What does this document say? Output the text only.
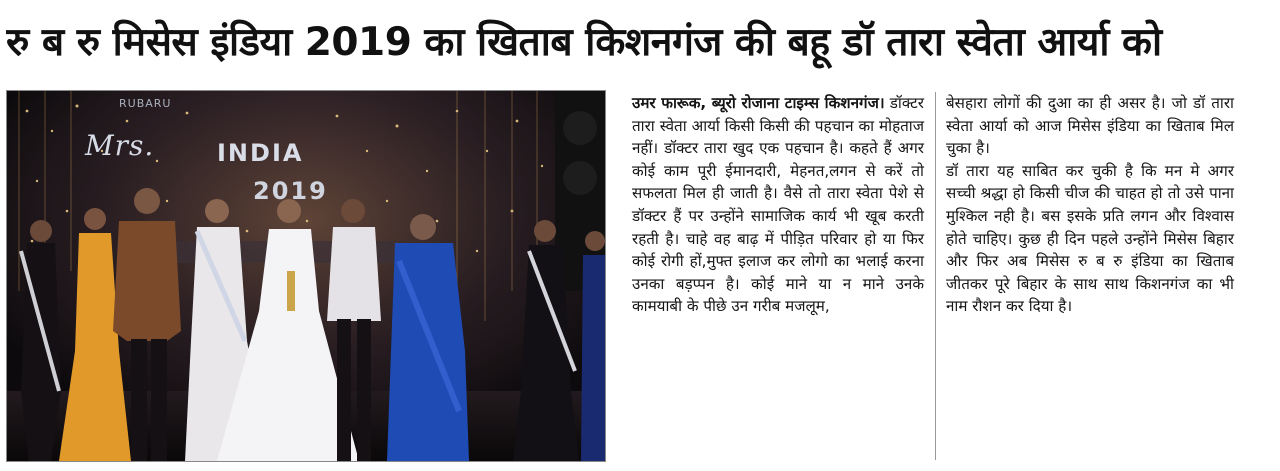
रु ब रु मिसेस इंडिया 2019 का खिताब किशनगंज की बहू डॉ तारा स्वेता आर्या को
RUBARU
Mrs.	INDIA
2019

उमर फारूक, ब्यूरो रोजाना टाइम्स किशनगंज। डॉक्टर तारा स्वेता आर्या किसी किसी की पहचान का मोहताज नहीं। डॉक्टर तारा खुद एक पहचान है। कहते हैं अगर कोई काम पूरी ईमानदारी, मेहनत,लगन से करें तो सफलता मिल ही जाती है। वैसे तो तारा स्वेता पेशे से डॉक्टर हैं पर उन्होंने सामाजिक कार्य भी खूब करती रहती है। चाहे वह बाढ़ में पीड़ित परिवार हो या फिर कोई रोगी हों,मुफ्त इलाज कर लोगो का भलाई करना उनका बड़प्पन है। कोई माने या न माने उनके कामयाबी के पीछे उन गरीब मजलूम,

बेसहारा लोगों की दुआ का ही असर है। जो डॉ तारा स्वेता आर्या को आज मिसेस इंडिया का खिताब मिल चुका है।

डॉ तारा यह साबित कर चुकी है कि मन मे अगर सच्ची श्रद्धा हो किसी चीज की चाहत हो तो उसे पाना मुश्किल नही है। बस इसके प्रति लगन और विश्वास होते चाहिए। कुछ ही दिन पहले उन्होंने मिसेस बिहार और फिर अब मिसेस रु ब रु इंडिया का खिताब जीतकर पूरे बिहार के साथ साथ किशनगंज का भी नाम रौशन कर दिया है।
